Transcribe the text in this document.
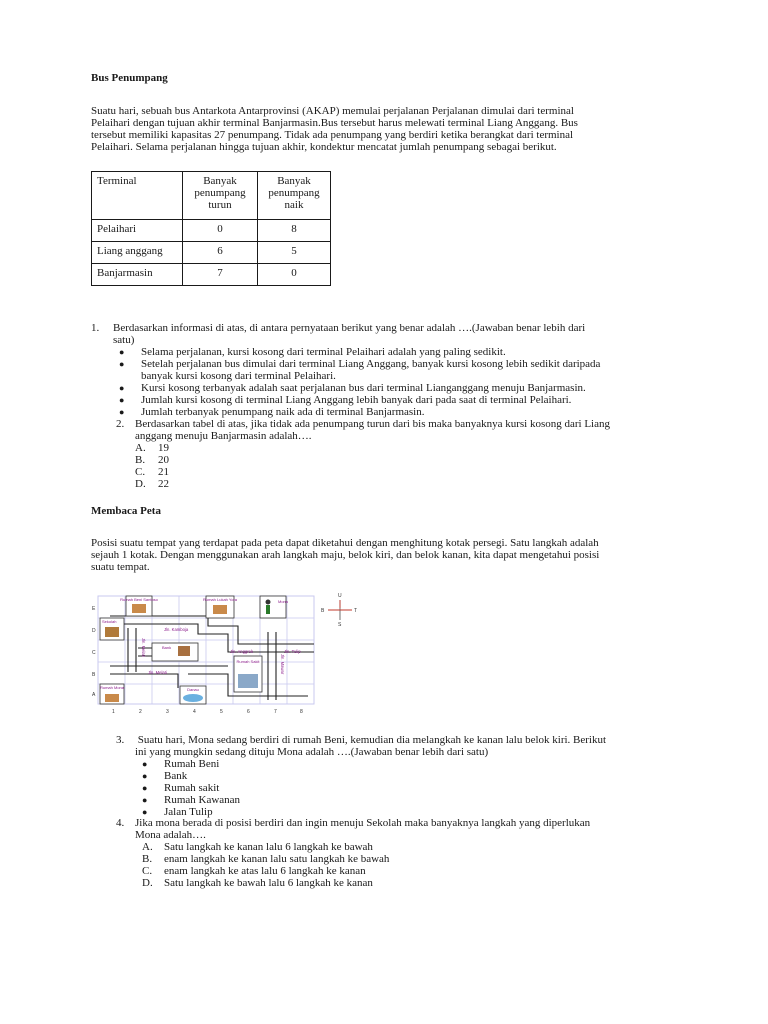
Bus Penumpang
Suatu hari, sebuah bus Antarkota Antarprovinsi (AKAP) memulai perjalanan Perjalanan dimulai dari terminal
Pelaihari dengan tujuan akhir terminal Banjarmasin.Bus tersebut harus melewati terminal Liang Anggang. Bus
tersebut memiliki kapasitas 27 penumpang. Tidak ada penumpang yang berdiri ketika berangkat dari terminal
Pelaihari. Selama perjalanan hingga tujuan akhir, kondektur mencatat jumlah penumpang sebagai berikut.
Terminal	Banyak penumpang turun	Banyak penumpang naik
Pelaihari	0	8
Liang anggang	6	5
Banjarmasin	7	0
1. Berdasarkan informasi di atas, di antara pernyataan berikut yang benar adalah ….(Jawaban benar lebih dari
satu)
● Selama perjalanan, kursi kosong dari terminal Pelaihari adalah yang paling sedikit.
● Setelah perjalanan bus dimulai dari terminal Liang Anggang, banyak kursi kosong lebih sedikit daripada
banyak kursi kosong dari terminal Pelaihari.
● Kursi kosong terbanyak adalah saat perjalanan bus dari terminal Lianganggang menuju Banjarmasin.
● Jumlah kursi kosong di terminal Liang Anggang lebih banyak dari pada saat di terminal Pelaihari.
● Jumlah terbanyak penumpang naik ada di terminal Banjarmasin.
2. Berdasarkan tabel di atas, jika tidak ada penumpang turun dari bis maka banyaknya kursi kosong dari Liang
anggang menuju Banjarmasin adalah….
A. 19
B. 20
C. 21
D. 22
Membaca Peta
Posisi suatu tempat yang terdapat pada peta dapat diketahui dengan menghitung kotak persegi. Satu langkah adalah
sejauh 1 kotak. Dengan menggunakan arah langkah maju, belok kiri, dan belok kanan, kita dapat mengetahui posisi
suatu tempat.
Rumah Beni Santoso	Rumah Lukah Yora	Mona
Sekolah
Bank
Rumah Sakit
Rumah Mona	Danau
Jln. Kamboja
Jln. Melati	Jln. Anggrek	Jln. Tulip
Jln. Melati	Jln. Mawar
E
D
C
B
A
1	2	3	4	5	6	7	8
U
S
B	T
3. Suatu hari, Mona sedang berdiri di rumah Beni, kemudian dia melangkah ke kanan lalu belok kiri. Berikut
ini yang mungkin sedang dituju Mona adalah ….(Jawaban benar lebih dari satu)
● Rumah Beni
● Bank
● Rumah sakit
● Rumah Kawanan
● Jalan Tulip
4. Jika mona berada di posisi berdiri dan ingin menuju Sekolah maka banyaknya langkah yang diperlukan
Mona adalah….
A. Satu langkah ke kanan lalu 6 langkah ke bawah
B. enam langkah ke kanan lalu satu langkah ke bawah
C. enam langkah ke atas lalu 6 langkah ke kanan
D. Satu langkah ke bawah lalu 6 langkah ke kanan
